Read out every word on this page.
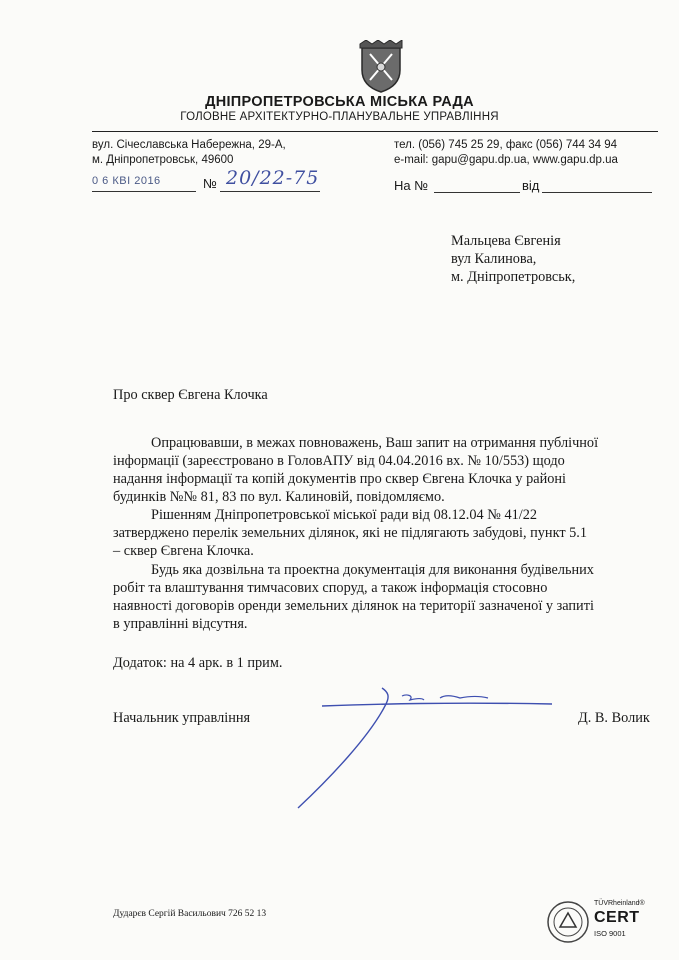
ДНІПРОПЕТРОВСЬКА МІСЬКА РАДА
ГОЛОВНЕ АРХІТЕКТУРНО-ПЛАНУВАЛЬНЕ УПРАВЛІННЯ
вул. Січеславська Набережна, 29-А,
м. Дніпропетровськ, 49600
тел. (056) 745 25 29, факс (056) 744 34 94
e-mail: gapu@gapu.dp.ua, www.gapu.dp.ua
0 6 КВІ 2016	№ 20/22-75	На №	від
Мальцева Євгенія
вул Калинова,
м. Дніпропетровськ,
Про сквер Євгена Клочка
Опрацювавши, в межах повноважень, Ваш запит на отримання публічної
інформації (зареєстровано в ГоловАПУ від 04.04.2016 вх. № 10/553) щодо
надання інформації та копій документів про сквер Євгена Клочка у районі
будинків №№ 81, 83 по вул. Калиновій, повідомляємо.
Рішенням Дніпропетровської міської ради від 08.12.04 № 41/22
затверджено перелік земельних ділянок, які не підлягають забудові, пункт 5.1
– сквер Євгена Клочка.
Будь яка дозвільна та проектна документація для виконання будівельних
робіт та влаштування тимчасових споруд, а також інформація стосовно
наявності договорів оренди земельних ділянок на території зазначеної у запиті
в управлінні відсутня.
Додаток: на 4 арк. в 1 прим.
Начальник управління	Д. В. Волик
Дударєв Сергій Васильович 726 52 13
TÜVRheinland®
CERT
ISO 9001
